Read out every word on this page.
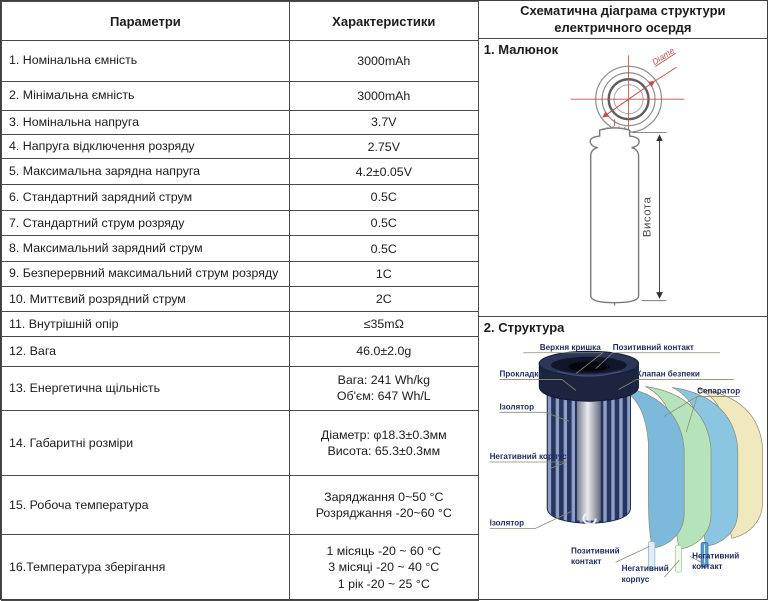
Параметри	Характеристики
1. Номінальна ємність	3000mAh
2. Мінімальна ємність	3000mAh
3. Номінальна напруга	3.7V
4. Напруга відключення розряду	2.75V
5. Максимальна зарядна напруга	4.2±0.05V
6. Стандартний зарядний струм	0.5C
7. Стандартний струм розряду	0.5C
8. Максимальний зарядний струм	0.5C
9. Безперервний максимальний струм розряду	1C
10. Миттєвий розрядний струм	2C
11. Внутрішній опір	≤35mΩ
12. Вага	46.0±2.0g
13. Енергетична щільність	Вага: 241 Wh/kg
Об'єм: 647 Wh/L

14. Габаритні розміри	Діаметр: φ18.3±0.3мм
Висота: 65.3±0.3мм

15. Робоча температура	Заряджання 0~50 °C
Розряджання -20~60 °C

16.Температура зберігання	1 місяць -20 ~ 60 °C
3 місяці -20 ~ 40 °C
1 рік -20 ~ 25 °C
Схематична діаграма структури електричного осердя
1. Малюнок	Diame
Висота
2. Структура
Верхня кришка Позитивний контакт
Прокладка	Клапан безпеки
Сепаратор
Ізолятор
Негативний корпус
Ізолятор
Позитивний
контакт
Негативний
корпус
Негативний
контакт
